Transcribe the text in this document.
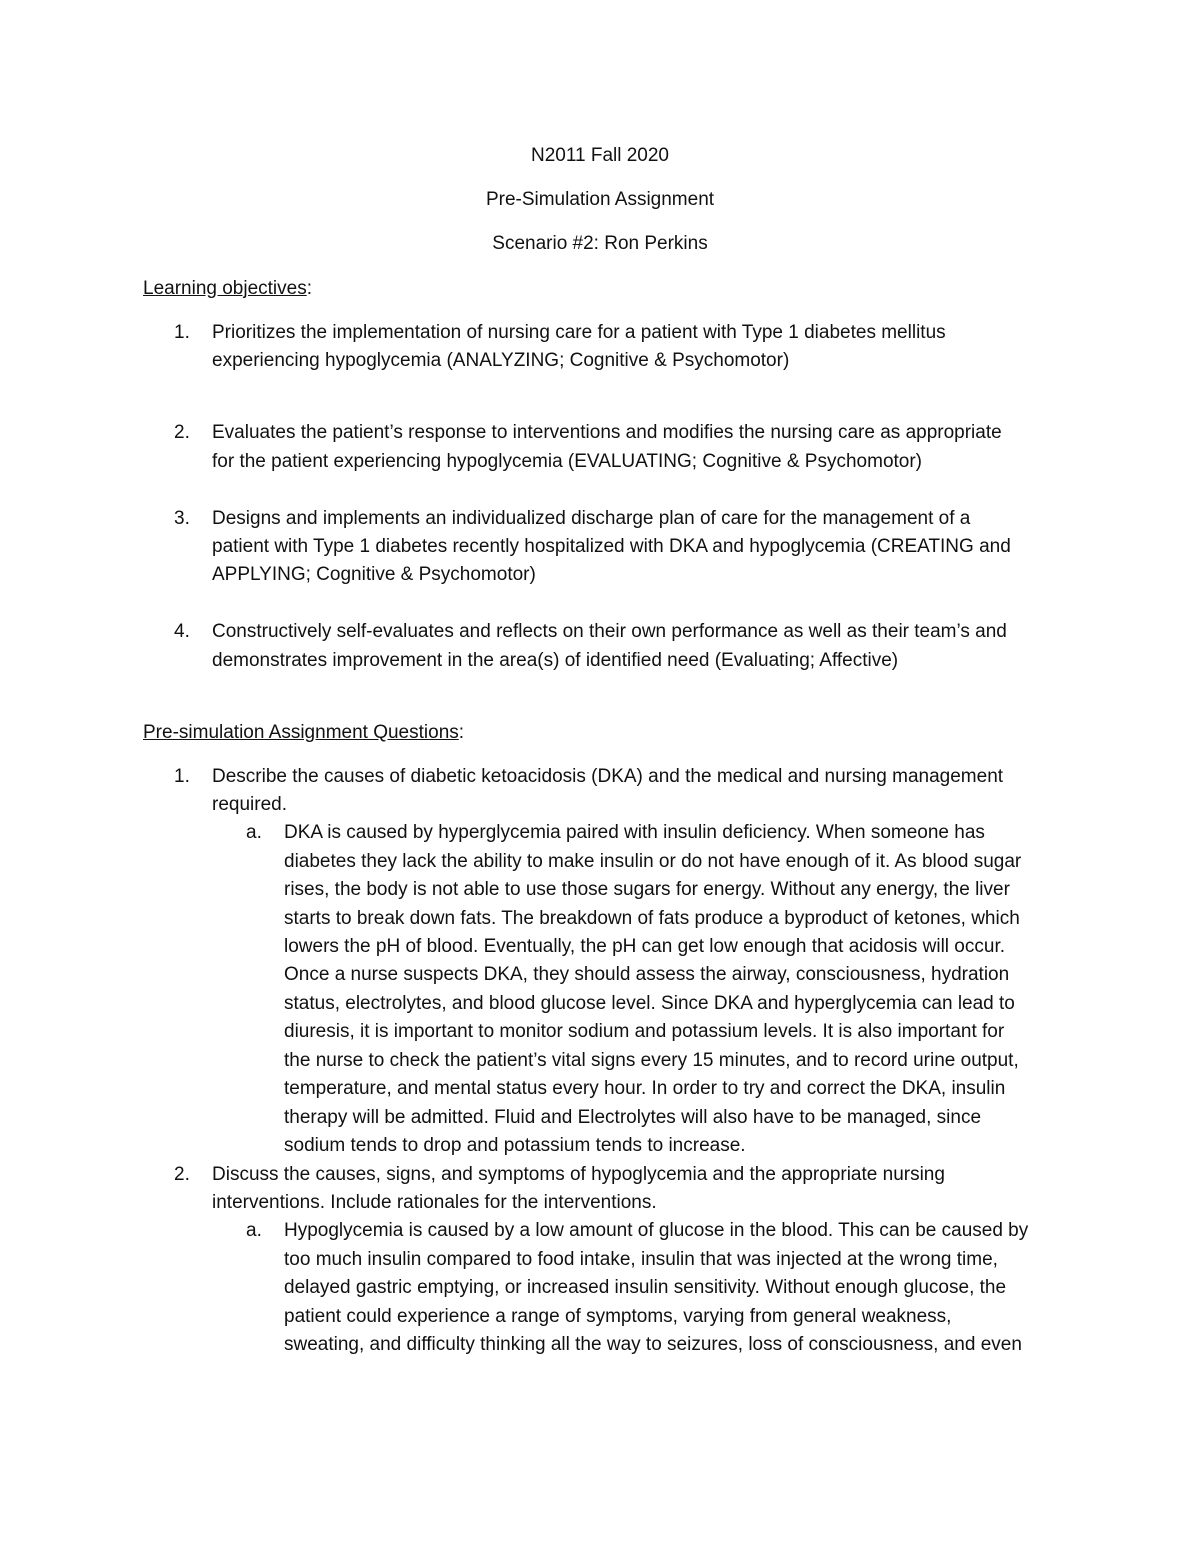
N2011 Fall 2020
Pre-Simulation Assignment
Scenario #2: Ron Perkins
Learning objectives:
1. Prioritizes the implementation of nursing care for a patient with Type 1 diabetes mellitus
experiencing hypoglycemia (ANALYZING; Cognitive & Psychomotor)
2. Evaluates the patient’s response to interventions and modifies the nursing care as appropriate
for the patient experiencing hypoglycemia (EVALUATING; Cognitive & Psychomotor)
3. Designs and implements an individualized discharge plan of care for the management of a
patient with Type 1 diabetes recently hospitalized with DKA and hypoglycemia (CREATING and
APPLYING; Cognitive & Psychomotor)
4. Constructively self-evaluates and reflects on their own performance as well as their team’s and
demonstrates improvement in the area(s) of identified need (Evaluating; Affective)
Pre-simulation Assignment Questions:
1. Describe the causes of diabetic ketoacidosis (DKA) and the medical and nursing management
required.
a. DKA is caused by hyperglycemia paired with insulin deficiency. When someone has
diabetes they lack the ability to make insulin or do not have enough of it. As blood sugar
rises, the body is not able to use those sugars for energy. Without any energy, the liver
starts to break down fats. The breakdown of fats produce a byproduct of ketones, which
lowers the pH of blood. Eventually, the pH can get low enough that acidosis will occur.
Once a nurse suspects DKA, they should assess the airway, consciousness, hydration
status, electrolytes, and blood glucose level. Since DKA and hyperglycemia can lead to
diuresis, it is important to monitor sodium and potassium levels. It is also important for
the nurse to check the patient’s vital signs every 15 minutes, and to record urine output,
temperature, and mental status every hour. In order to try and correct the DKA, insulin
therapy will be admitted. Fluid and Electrolytes will also have to be managed, since
sodium tends to drop and potassium tends to increase.
2. Discuss the causes, signs, and symptoms of hypoglycemia and the appropriate nursing
interventions. Include rationales for the interventions.
a. Hypoglycemia is caused by a low amount of glucose in the blood. This can be caused by
too much insulin compared to food intake, insulin that was injected at the wrong time,
delayed gastric emptying, or increased insulin sensitivity. Without enough glucose, the
patient could experience a range of symptoms, varying from general weakness,
sweating, and difficulty thinking all the way to seizures, loss of consciousness, and even
